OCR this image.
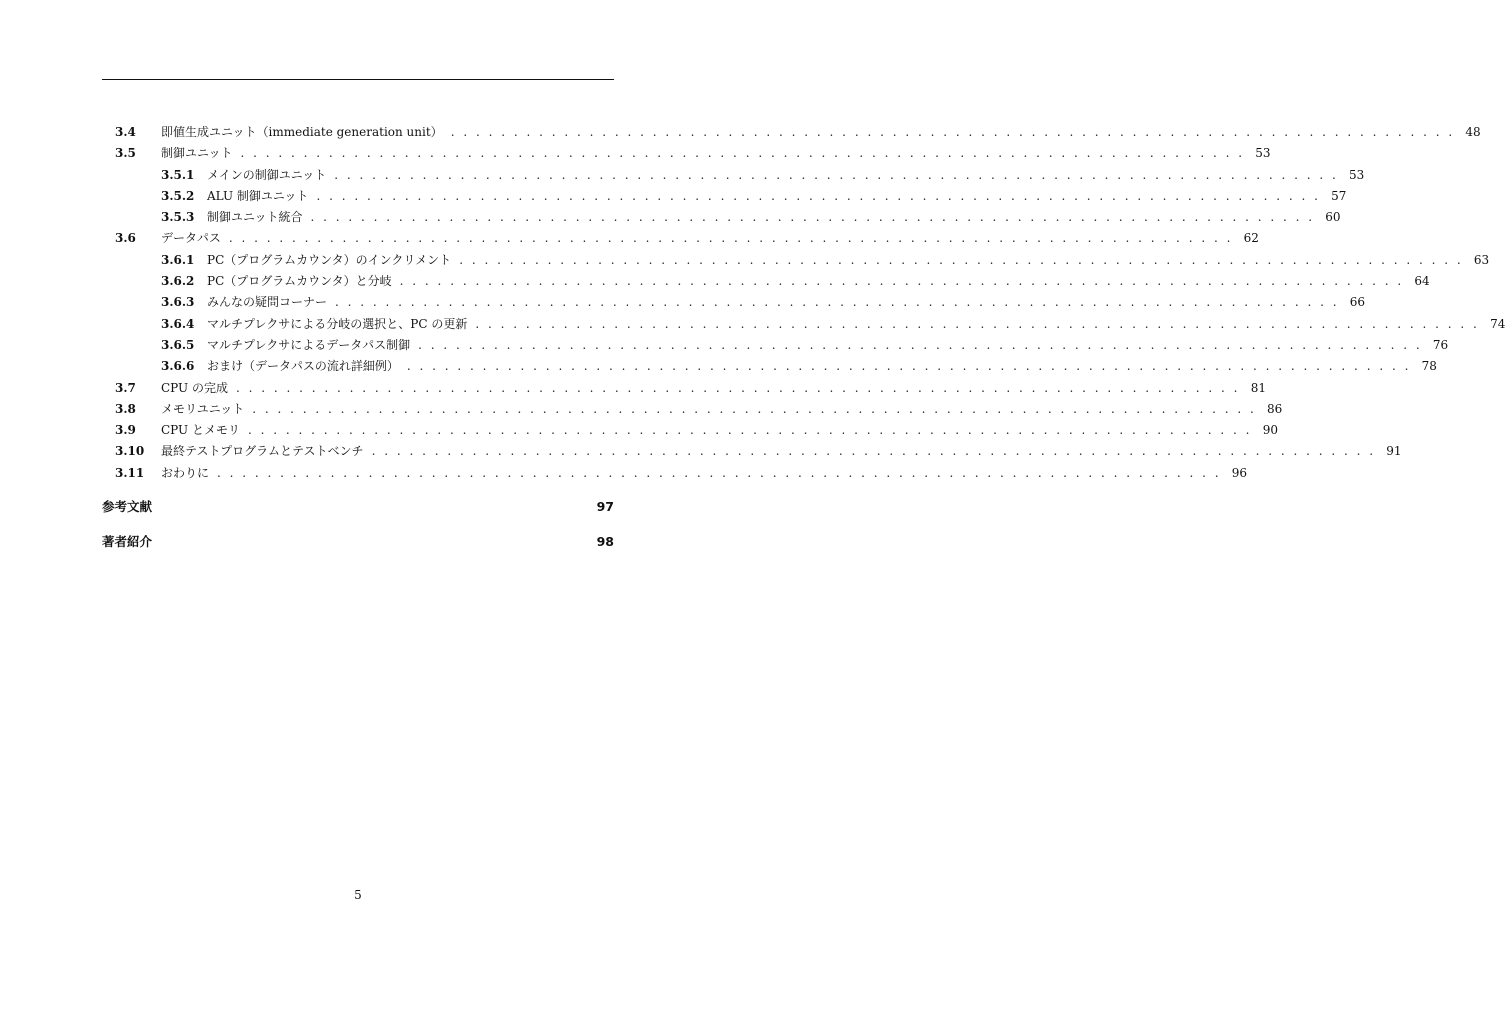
3.4 即値生成ユニット（immediate generation unit） . . . . . . . . . . . . . . . . . . . . . . . . . . . . . . . . . . . . . . . . . . . . . . . . . . . . . . . . . . . . . . . . . . . . . . . . . . . . . . . . 48
3.5 制御ユニット . . . . . . . . . . . . . . . . . . . . . . . . . . . . . . . . . . . . . . . . . . . . . . . . . . . . . . . . . . . . . . . . . . . . . . . . . . . . . . . . 53
3.5.1 メインの制御ユニット . . . . . . . . . . . . . . . . . . . . . . . . . . . . . . . . . . . . . . . . . . . . . . . . . . . . . . . . . . . . . . . . . . . . . . . . . . . . . . . . 53
3.5.2 ALU 制御ユニット . . . . . . . . . . . . . . . . . . . . . . . . . . . . . . . . . . . . . . . . . . . . . . . . . . . . . . . . . . . . . . . . . . . . . . . . . . . . . . . . 57
3.5.3 制御ユニット統合 . . . . . . . . . . . . . . . . . . . . . . . . . . . . . . . . . . . . . . . . . . . . . . . . . . . . . . . . . . . . . . . . . . . . . . . . . . . . . . . . 60
3.6 データパス . . . . . . . . . . . . . . . . . . . . . . . . . . . . . . . . . . . . . . . . . . . . . . . . . . . . . . . . . . . . . . . . . . . . . . . . . . . . . . . . 62
3.6.1 PC（プログラムカウンタ）のインクリメント . . . . . . . . . . . . . . . . . . . . . . . . . . . . . . . . . . . . . . . . . . . . . . . . . . . . . . . . . . . . . . . . . . . . . . . . . . . . . . . . 63
3.6.2 PC（プログラムカウンタ）と分岐 . . . . . . . . . . . . . . . . . . . . . . . . . . . . . . . . . . . . . . . . . . . . . . . . . . . . . . . . . . . . . . . . . . . . . . . . . . . . . . . . 64
3.6.3 みんなの疑問コーナー . . . . . . . . . . . . . . . . . . . . . . . . . . . . . . . . . . . . . . . . . . . . . . . . . . . . . . . . . . . . . . . . . . . . . . . . . . . . . . . . 66
3.6.4 マルチプレクサによる分岐の選択と、PC の更新 . . . . . . . . . . . . . . . . . . . . . . . . . . . . . . . . . . . . . . . . . . . . . . . . . . . . . . . . . . . . . . . . . . . . . . . . . . . . . . . . 74
3.6.5 マルチプレクサによるデータパス制御 . . . . . . . . . . . . . . . . . . . . . . . . . . . . . . . . . . . . . . . . . . . . . . . . . . . . . . . . . . . . . . . . . . . . . . . . . . . . . . . . 76
3.6.6 おまけ（データパスの流れ詳細例） . . . . . . . . . . . . . . . . . . . . . . . . . . . . . . . . . . . . . . . . . . . . . . . . . . . . . . . . . . . . . . . . . . . . . . . . . . . . . . . . 78
3.7 CPU の完成 . . . . . . . . . . . . . . . . . . . . . . . . . . . . . . . . . . . . . . . . . . . . . . . . . . . . . . . . . . . . . . . . . . . . . . . . . . . . . . . . 81
3.8 メモリユニット . . . . . . . . . . . . . . . . . . . . . . . . . . . . . . . . . . . . . . . . . . . . . . . . . . . . . . . . . . . . . . . . . . . . . . . . . . . . . . . . 86
3.9 CPU とメモリ . . . . . . . . . . . . . . . . . . . . . . . . . . . . . . . . . . . . . . . . . . . . . . . . . . . . . . . . . . . . . . . . . . . . . . . . . . . . . . . . 90
3.10 最終テストプログラムとテストベンチ . . . . . . . . . . . . . . . . . . . . . . . . . . . . . . . . . . . . . . . . . . . . . . . . . . . . . . . . . . . . . . . . . . . . . . . . . . . . . . . . 91
3.11 おわりに . . . . . . . . . . . . . . . . . . . . . . . . . . . . . . . . . . . . . . . . . . . . . . . . . . . . . . . . . . . . . . . . . . . . . . . . . . . . . . . . 96
参考文献	97
著者紹介	98
5
